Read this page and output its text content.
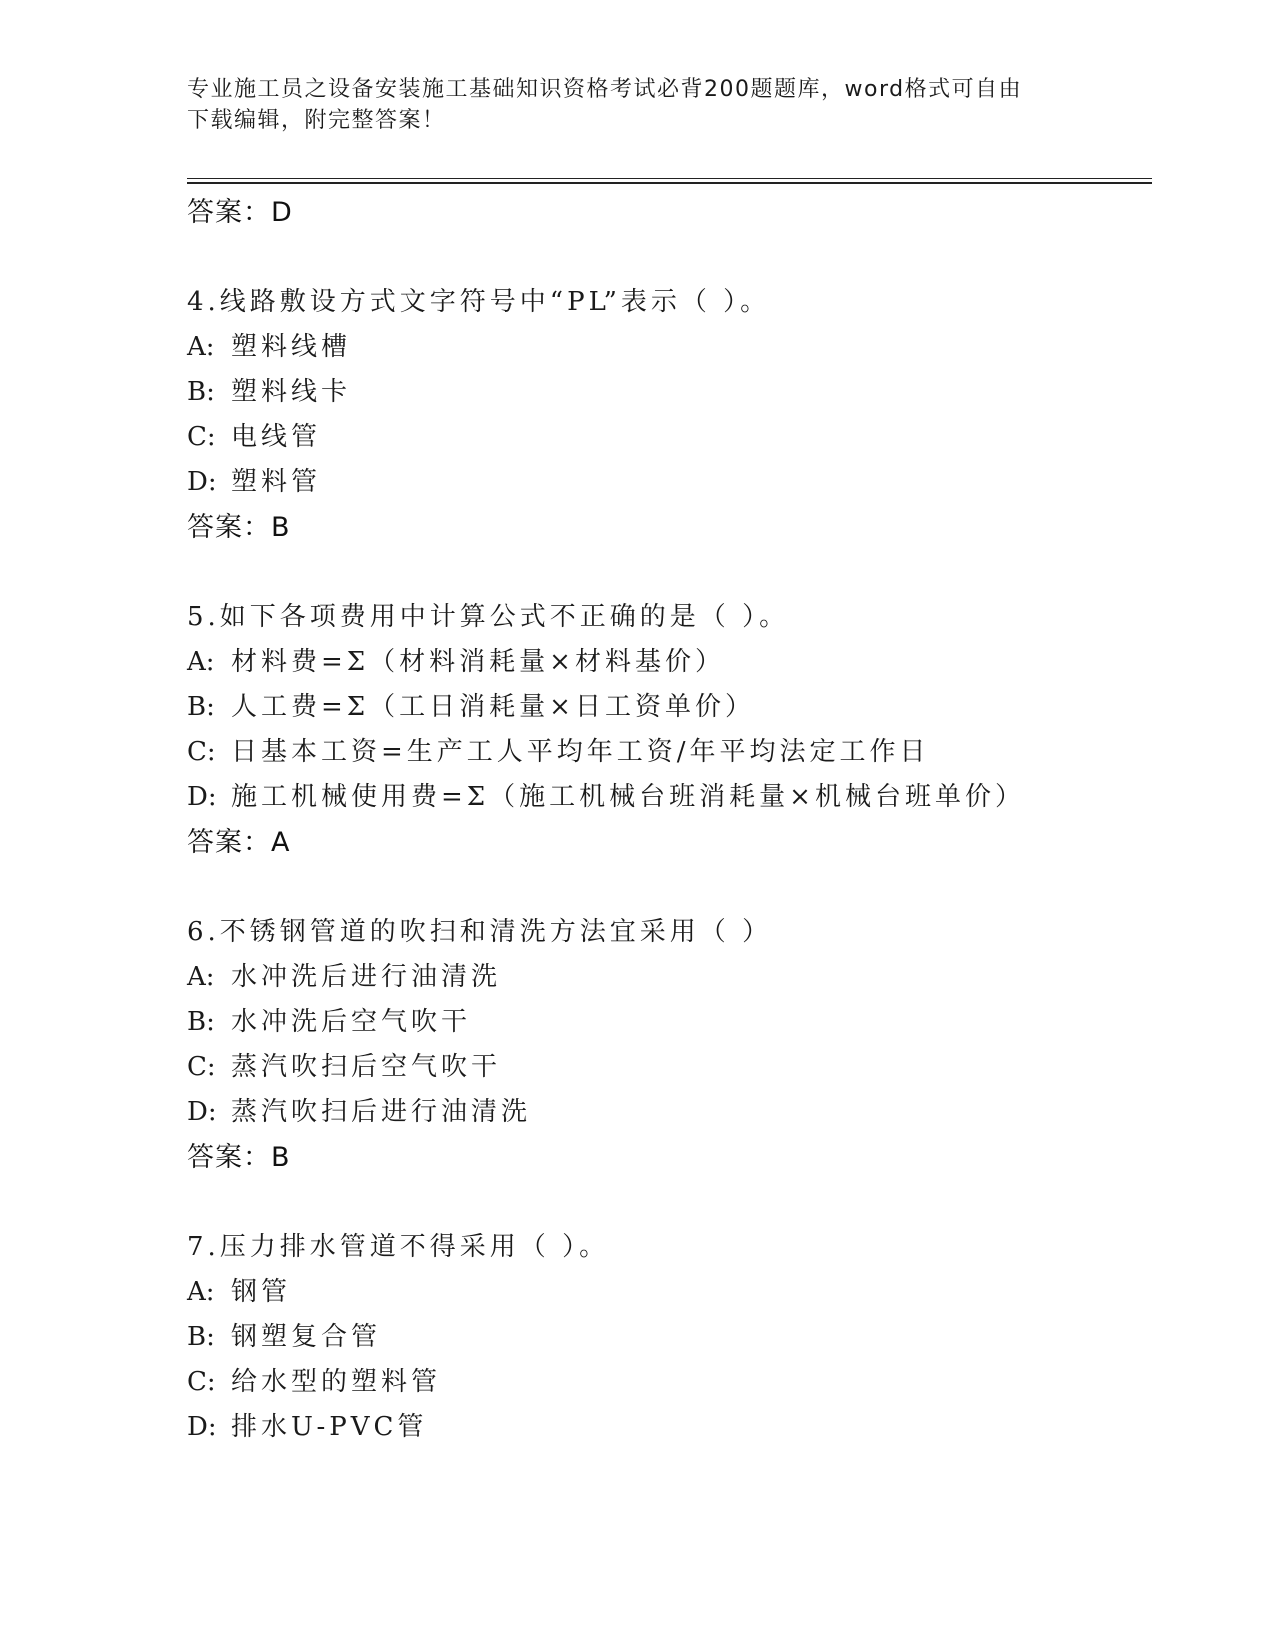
专业施工员之设备安装施工基础知识资格考试必背200题题库，word格式可自由
下载编辑，附完整答案！
答案：D
4.线路敷设方式文字符号中“PL”表示（ ）。
A: 塑料线槽
B: 塑料线卡
C: 电线管
D: 塑料管
答案：B
5.如下各项费用中计算公式不正确的是（ ）。
A: 材料费=Σ（材料消耗量×材料基价）
B: 人工费=Σ（工日消耗量×日工资单价）
C: 日基本工资=生产工人平均年工资/年平均法定工作日
D: 施工机械使用费=Σ（施工机械台班消耗量×机械台班单价）
答案：A
6.不锈钢管道的吹扫和清洗方法宜采用（ ）
A: 水冲洗后进行油清洗
B: 水冲洗后空气吹干
C: 蒸汽吹扫后空气吹干
D: 蒸汽吹扫后进行油清洗
答案：B
7.压力排水管道不得采用（ ）。
A: 钢管
B: 钢塑复合管
C: 给水型的塑料管
D: 排水U-PVC管
